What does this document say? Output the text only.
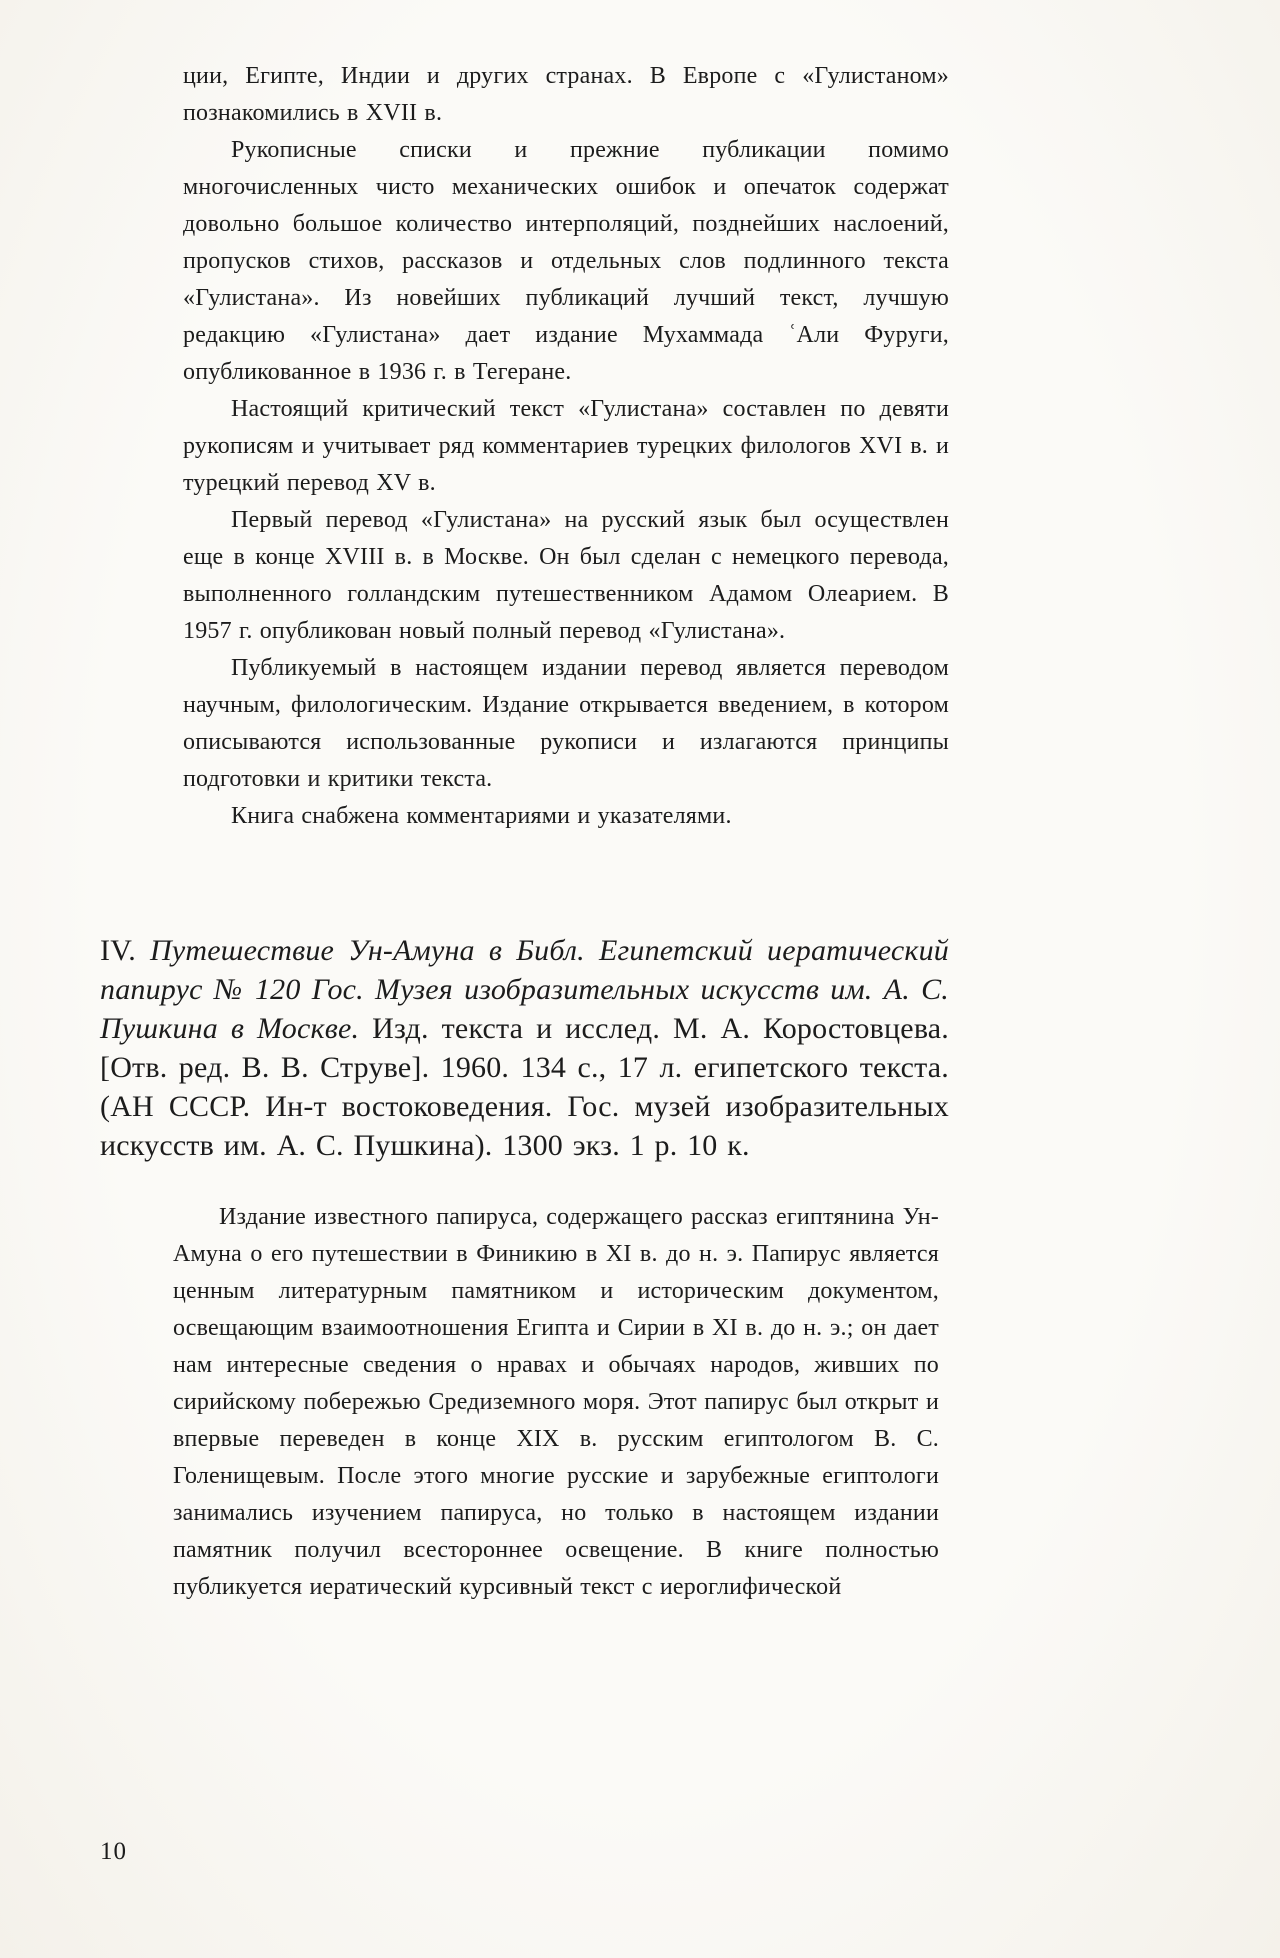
ции, Египте, Индии и других странах. В Европе с «Гулистаном» познакомились в XVII в.

Рукописные списки и прежние публикации помимо многочисленных чисто механических ошибок и опечаток содержат довольно большое количество интерполяций, позднейших наслоений, пропусков стихов, рассказов и отдельных слов подлинного текста «Гулистана». Из новейших публикаций лучший текст, лучшую редакцию «Гулистана» дает издание Мухаммада ʿАли Фуруги, опубликованное в 1936 г. в Тегеране.

Настоящий критический текст «Гулистана» составлен по девяти рукописям и учитывает ряд комментариев турецких филологов XVI в. и турецкий перевод XV в.

Первый перевод «Гулистана» на русский язык был осуществлен еще в конце XVIII в. в Москве. Он был сделан с немецкого перевода, выполненного голландским путешественником Адамом Олеарием. В 1957 г. опубликован новый полный перевод «Гулистана».

Публикуемый в настоящем издании перевод является переводом научным, филологическим. Издание открывается введением, в котором описываются использованные рукописи и излагаются принципы подготовки и критики текста.

Книга снабжена комментариями и указателями.

IV. Путешествие Ун-Амуна в Библ. Египетский иератический папирус № 120 Гос. Музея изобразительных искусств им. А. С. Пушкина в Москве. Изд. текста и исслед. М. А. Коростовцева. [Отв. ред. В. В. Струве]. 1960. 134 с., 17 л. египетского текста. (АН СССР. Ин-т востоковедения. Гос. музей изобразительных искусств им. А. С. Пушкина). 1300 экз. 1 р. 10 к.

Издание известного папируса, содержащего рассказ египтянина Ун-Амуна о его путешествии в Финикию в XI в. до н. э. Папирус является ценным литературным памятником и историческим документом, освещающим взаимоотношения Египта и Сирии в XI в. до н. э.; он дает нам интересные сведения о нравах и обычаях народов, живших по сирийскому побережью Средиземного моря. Этот папирус был открыт и впервые переведен в конце XIX в. русским египтологом В. С. Голенищевым. После этого многие русские и зарубежные египтологи занимались изучением папируса, но только в настоящем издании памятник получил всестороннее освещение. В книге полностью публикуется иератический курсивный текст с иероглифической

10
